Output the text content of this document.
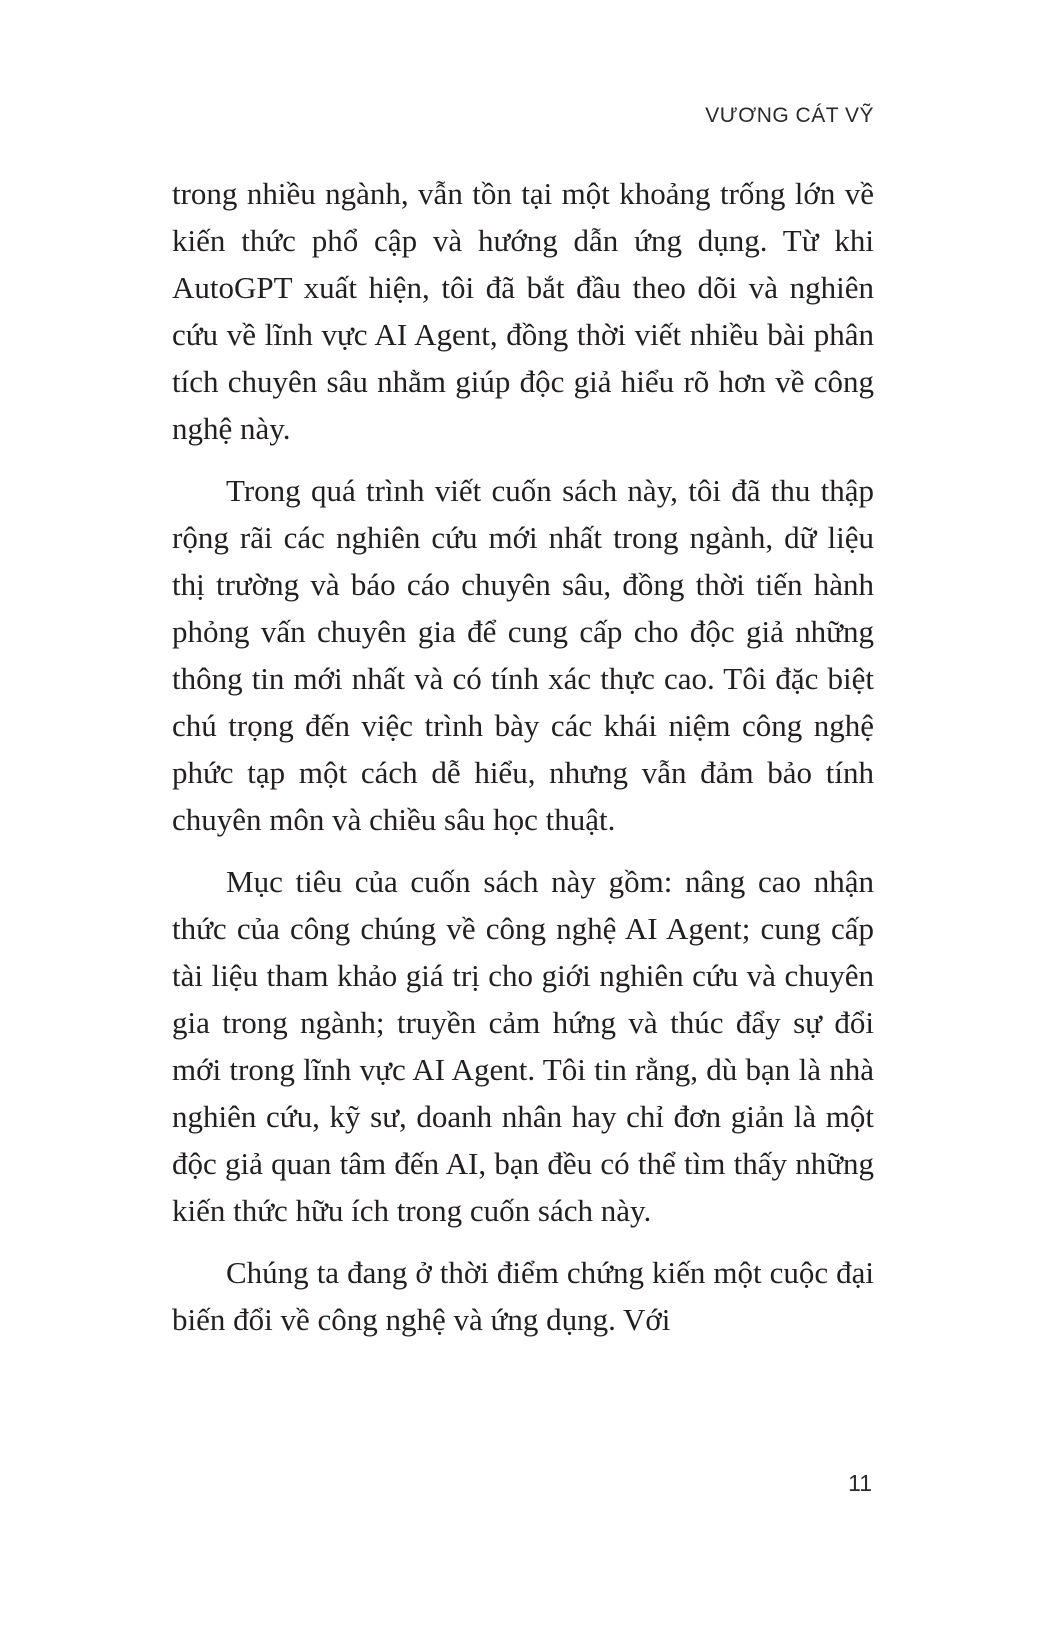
VƯƠNG CÁT VỸ

trong nhiều ngành, vẫn tồn tại một khoảng trống lớn về kiến thức phổ cập và hướng dẫn ứng dụng. Từ khi AutoGPT xuất hiện, tôi đã bắt đầu theo dõi và nghiên cứu về lĩnh vực AI Agent, đồng thời viết nhiều bài phân tích chuyên sâu nhằm giúp độc giả hiểu rõ hơn về công nghệ này.

Trong quá trình viết cuốn sách này, tôi đã thu thập rộng rãi các nghiên cứu mới nhất trong ngành, dữ liệu thị trường và báo cáo chuyên sâu, đồng thời tiến hành phỏng vấn chuyên gia để cung cấp cho độc giả những thông tin mới nhất và có tính xác thực cao. Tôi đặc biệt chú trọng đến việc trình bày các khái niệm công nghệ phức tạp một cách dễ hiểu, nhưng vẫn đảm bảo tính chuyên môn và chiều sâu học thuật.

Mục tiêu của cuốn sách này gồm: nâng cao nhận thức của công chúng về công nghệ AI Agent; cung cấp tài liệu tham khảo giá trị cho giới nghiên cứu và chuyên gia trong ngành; truyền cảm hứng và thúc đẩy sự đổi mới trong lĩnh vực AI Agent. Tôi tin rằng, dù bạn là nhà nghiên cứu, kỹ sư, doanh nhân hay chỉ đơn giản là một độc giả quan tâm đến AI, bạn đều có thể tìm thấy những kiến thức hữu ích trong cuốn sách này.

Chúng ta đang ở thời điểm chứng kiến một cuộc đại biến đổi về công nghệ và ứng dụng. Với

11
